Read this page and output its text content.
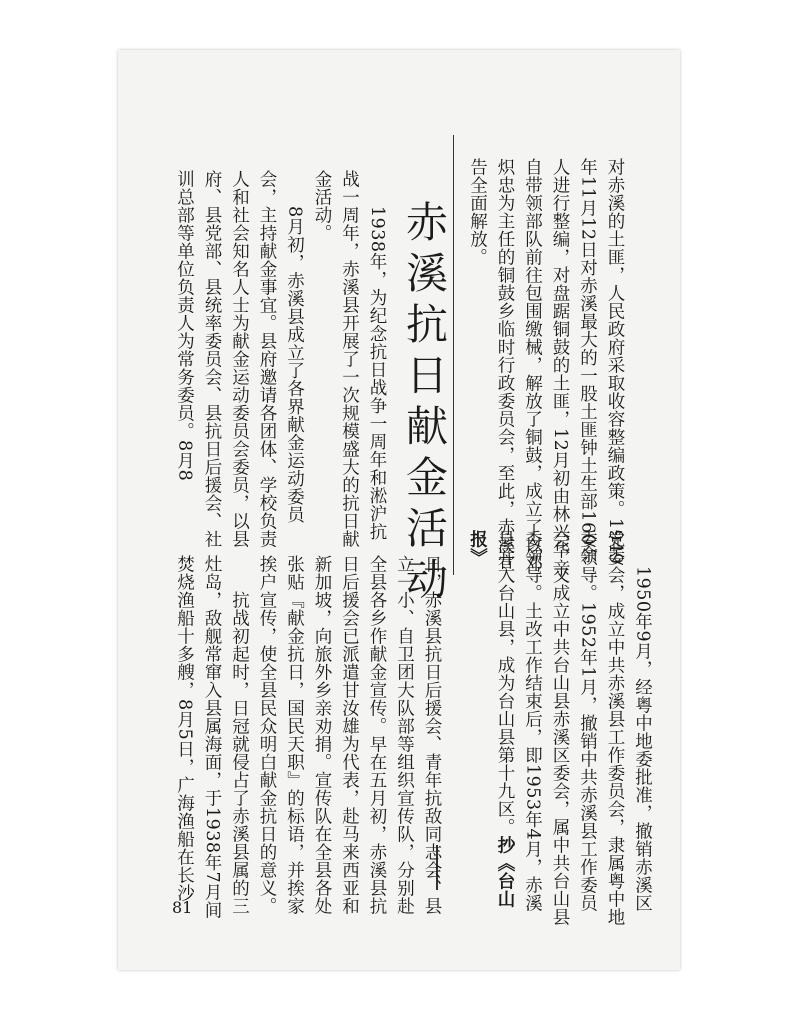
对赤溪的土匪，人民政府采取收容整编政策。1949年11月12日对赤溪最大的一股土匪钟土生部160余人进行整编，对盘踞铜鼓的土匪，12月初由林兴华亲自带领部队前往包围缴械，解放了铜鼓，成立了以邓炽忠为主任的铜鼓乡临时行政委员会，至此，赤溪宣告全面解放。

赤溪抗日献金活动

　　1938年，为纪念抗日战争一周年和淞沪抗战一周年，赤溪县开展了一次规模盛大的抗日献金活动。
　　8月初，赤溪县成立了各界献金运动委员会，主持献金事宜。县府邀请各团体、学校负责人和社会知名人士为献金运动委员会委员，以县府、县党部、县统率委员会、县抗日后援会、社训总部等单位负责人为常务委员。8月8

　　1950年9月，经粤中地委批准，撤销赤溪区党委会，成立中共赤溪县工作委员会，隶属粤中地委领导。1952年1月，撤销中共赤溪县工作委员会，又成立中共台山县赤溪区委会，属中共台山县委领导。土改工作结束后，即1953年4月，赤溪县并入台山县，成为台山县第十九区。抄《台山报》

日，赤溪县抗日后援会、青年抗敌同志会、县立一小、自卫团大队部等组织宣传队，分别赴全县各乡作献金宣传。早在五月初，赤溪县抗日后援会已派遣甘汝雄为代表，赴马来西亚和新加坡，向旅外乡亲劝捐。宣传队在全县各处张贴『献金抗日，国民天职』的标语，并挨家挨户宣传，使全县民众明白献金抗日的意义。
　　抗战初起时，日冠就侵占了赤溪县属的三灶岛，敌舰常窜入县属海面，于1938年7月间焚烧渔船十多艘，8月5日，广海渔船在长沙

81
